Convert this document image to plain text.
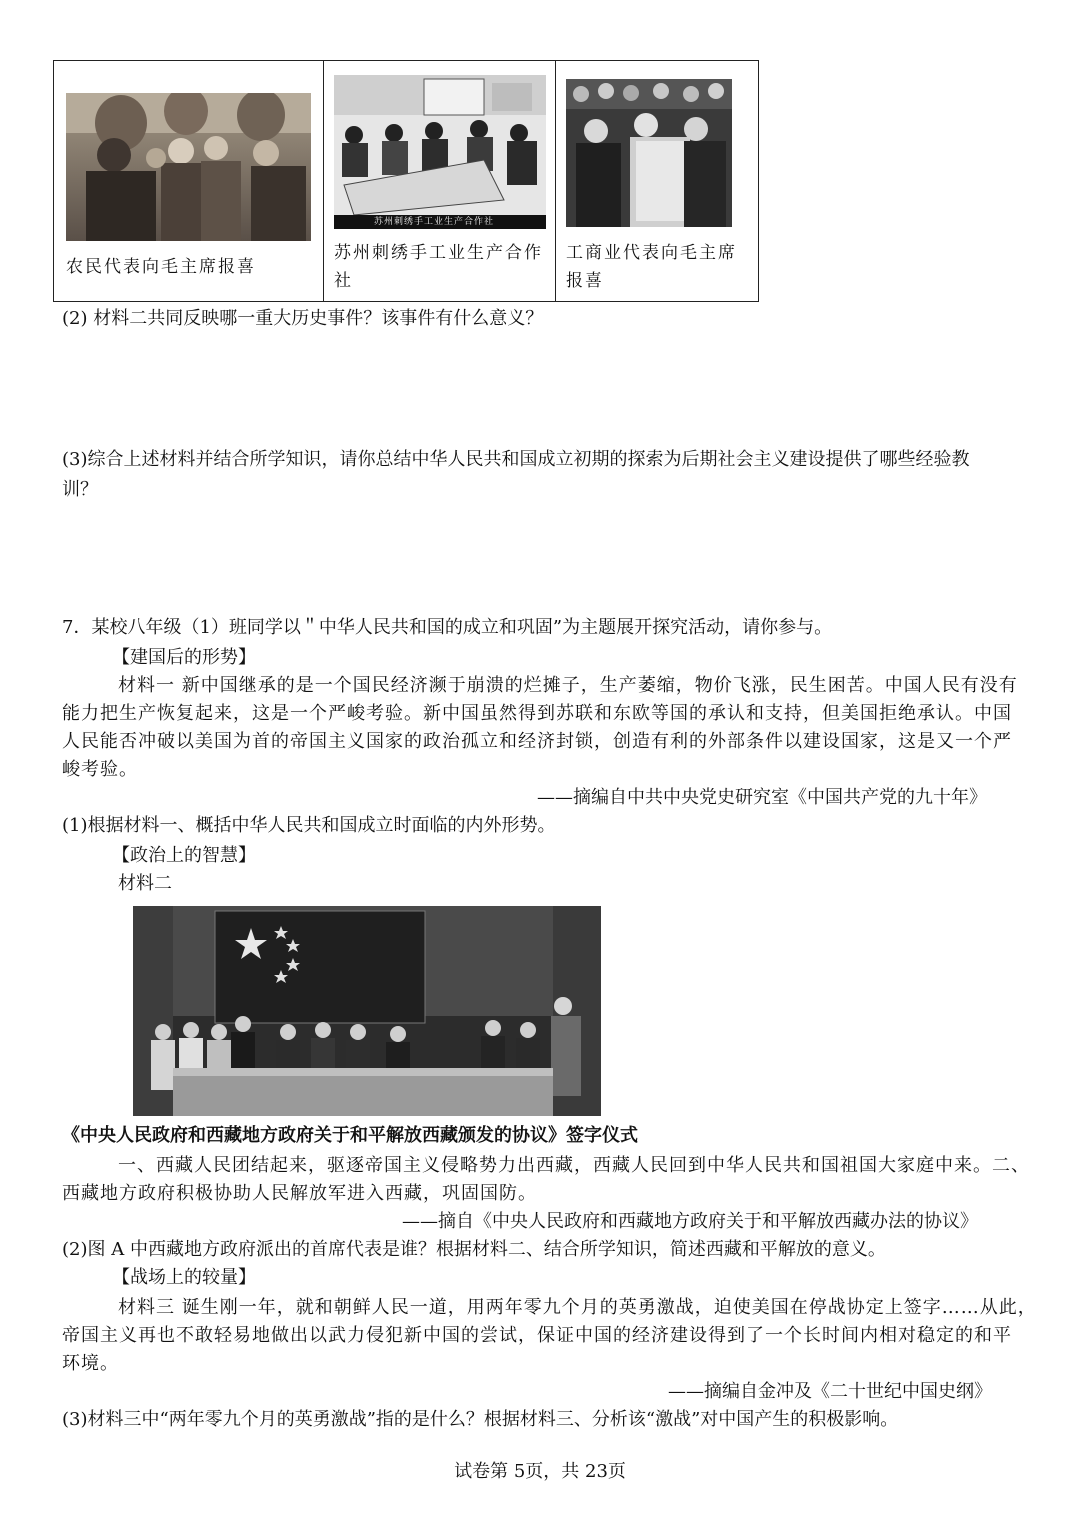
农民代表向毛主席报喜
苏州刺绣手工业生产合作社
苏州刺绣手工业生产合作
社
工商业代表向毛主席
报喜
(2) 材料二共同反映哪一重大历史事件？该事件有什么意义？
(3)综合上述材料并结合所学知识，请你总结中华人民共和国成立初期的探索为后期社会主义建设提供了哪些经验教
训？
7．某校八年级（1）班同学以＂中华人民共和国的成立和巩固”为主题展开探究活动，请你参与。
【建国后的形势】
材料一 新中国继承的是一个国民经济濒于崩溃的烂摊子，生产萎缩，物价飞涨，民生困苦。中国人民有没有
能力把生产恢复起来，这是一个严峻考验。新中国虽然得到苏联和东欧等国的承认和支持，但美国拒绝承认。中国
人民能否冲破以美国为首的帝国主义国家的政治孤立和经济封锁，创造有利的外部条件以建设国家，这是又一个严
峻考验。
——摘编自中共中央党史研究室《中国共产党的九十年》
(1)根据材料一、概括中华人民共和国成立时面临的内外形势。
【政治上的智慧】
材料二
《中央人民政府和西藏地方政府关于和平解放西藏颁发的协议》签字仪式
一、西藏人民团结起来，驱逐帝国主义侵略势力出西藏，西藏人民回到中华人民共和国祖国大家庭中来。二、
西藏地方政府积极协助人民解放军进入西藏，巩固国防。
——摘自《中央人民政府和西藏地方政府关于和平解放西藏办法的协议》
(2)图 A 中西藏地方政府派出的首席代表是谁？根据材料二、结合所学知识，简述西藏和平解放的意义。
【战场上的较量】
材料三 诞生刚一年，就和朝鲜人民一道，用两年零九个月的英勇激战，迫使美国在停战协定上签字……从此，
帝国主义再也不敢轻易地做出以武力侵犯新中国的尝试，保证中国的经济建设得到了一个长时间内相对稳定的和平
环境。
——摘编自金冲及《二十世纪中国史纲》
(3)材料三中“两年零九个月的英勇激战”指的是什么？根据材料三、分析该“激战”对中国产生的积极影响。
试卷第 5页，共 23页
